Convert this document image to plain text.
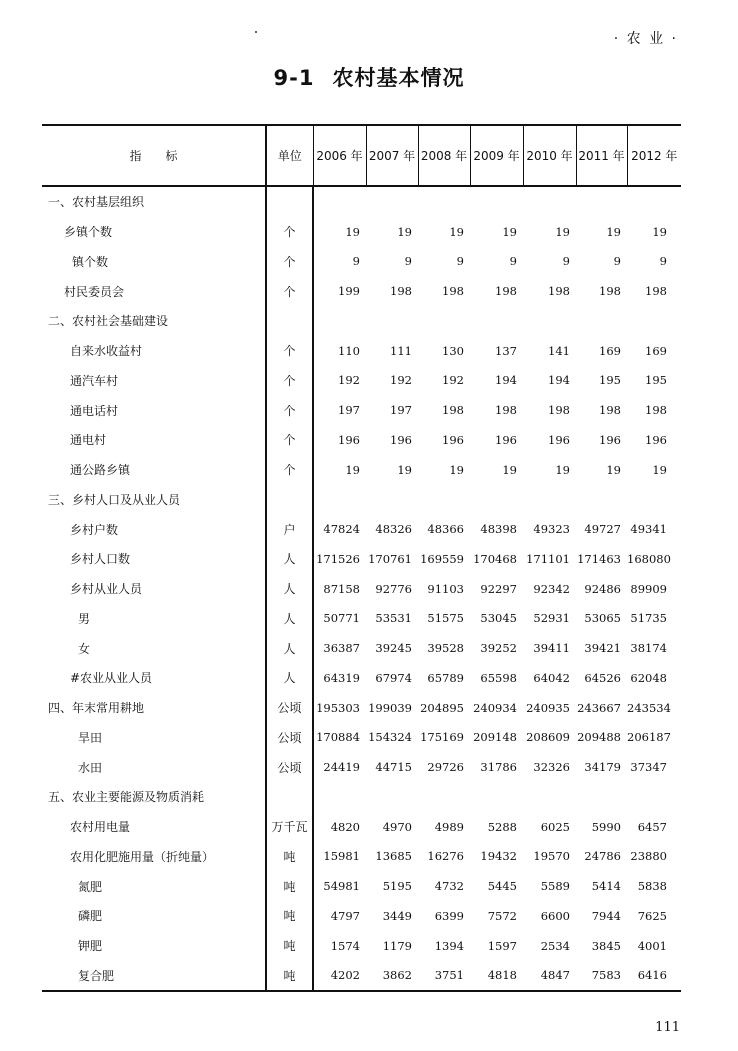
· 农 业 ·
9-1 农村基本情况
指　　标	单位	2006 年	2007 年	2008 年	2009 年	2010 年	2011 年	2012 年
一、农村基层组织								
乡镇个数	个	19	19	19	19	19	19	19
镇个数	个	9	9	9	9	9	9	9
村民委员会	个	199	198	198	198	198	198	198
二、农村社会基础建设								
自来水收益村	个	110	111	130	137	141	169	169
通汽车村	个	192	192	192	194	194	195	195
通电话村	个	197	197	198	198	198	198	198
通电村	个	196	196	196	196	196	196	196
通公路乡镇	个	19	19	19	19	19	19	19
三、乡村人口及从业人员								
乡村户数	户	47824	48326	48366	48398	49323	49727	49341
乡村人口数	人	171526	170761	169559	170468	171101	171463	168080
乡村从业人员	人	87158	92776	91103	92297	92342	92486	89909
男	人	50771	53531	51575	53045	52931	53065	51735
女	人	36387	39245	39528	39252	39411	39421	38174
#农业从业人员	人	64319	67974	65789	65598	64042	64526	62048
四、年末常用耕地	公顷	195303	199039	204895	240934	240935	243667	243534
旱田	公顷	170884	154324	175169	209148	208609	209488	206187
水田	公顷	24419	44715	29726	31786	32326	34179	37347
五、农业主要能源及物质消耗								
农村用电量	万千瓦	4820	4970	4989	5288	6025	5990	6457
农用化肥施用量（折纯量）	吨	15981	13685	16276	19432	19570	24786	23880
氮肥	吨	54981	5195	4732	5445	5589	5414	5838
磷肥	吨	4797	3449	6399	7572	6600	7944	7625
钾肥	吨	1574	1179	1394	1597	2534	3845	4001
复合肥	吨	4202	3862	3751	4818	4847	7583	6416
111
